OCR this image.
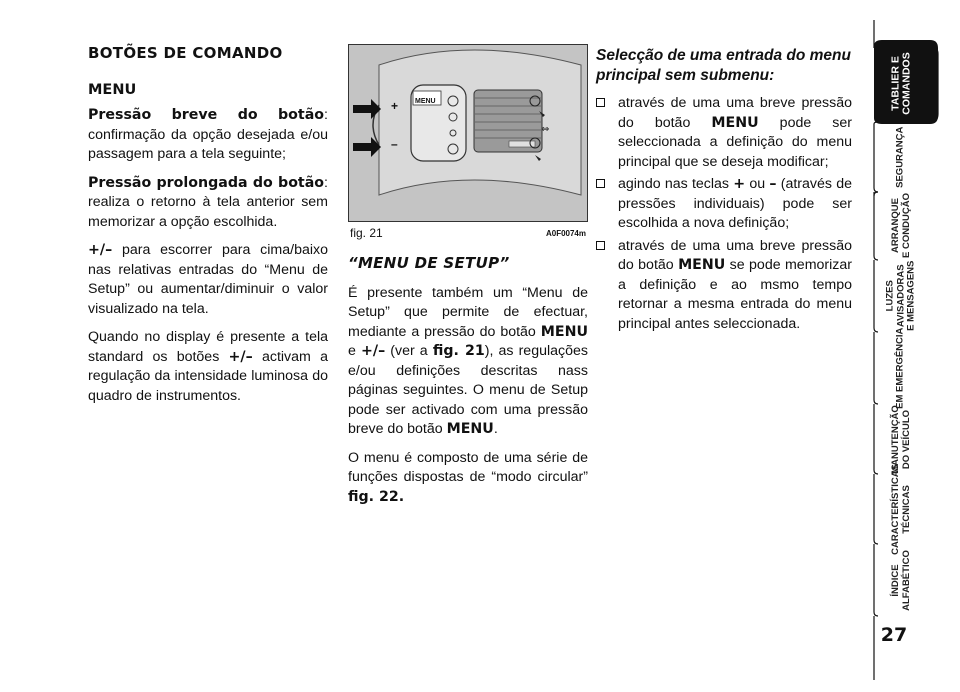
BOTÕES DE COMANDO
MENU

Pressão breve do botão: confirmação da opção desejada e/ou passagem para a tela seguinte;

Pressão prolongada do botão: realiza o retorno à tela anterior sem memorizar a opção escolhida.

+/– para escorrer para cima/baixo nas relativas entradas do “Menu de Setup” ou aumentar/diminuir o valor visualizado na tela.

Quando no display é presente a tela standard os botões +/– activam a regulação da intensidade luminosa do quadro de instrumentos.

⇔
MENU
+
–
fig. 21	A0F0074m
“MENU DE SETUP”

É presente também um “Menu de Setup” que permite de efectuar, mediante a pressão do botão MENU e +/– (ver a fig. 21), as regulações e/ou definições descritas nass páginas seguintes. O menu de Setup pode ser activado com uma pressão breve do botão MENU.

O menu é composto de uma série de funções dispostas de “modo circular” fig. 22.

Selecção de uma entrada do menu principal sem submenu:
através de uma uma breve pressão do botão MENU pode ser seleccionada a definição do menu principal que se deseja modificar;
agindo nas teclas + ou – (através de pressões individuais) pode ser escolhida a nova definição;
através de uma uma breve pressão do botão MENU se pode memorizar a definição e ao msmo tempo retornar a mesma entrada do menu principal antes seleccionada.
TABLIER E
COMANDOS
SEGURANÇA
ARRANQUE
E CONDUÇÃO
LUZES
AVISADORAS
E MENSAGENS
EM EMERGÊNCIA
MANUTENÇÃO
DO VEÍCULO
CARACTERÍSTICAS
TÉCNICAS
ÍNDICE
ALFABÉTICO
27
